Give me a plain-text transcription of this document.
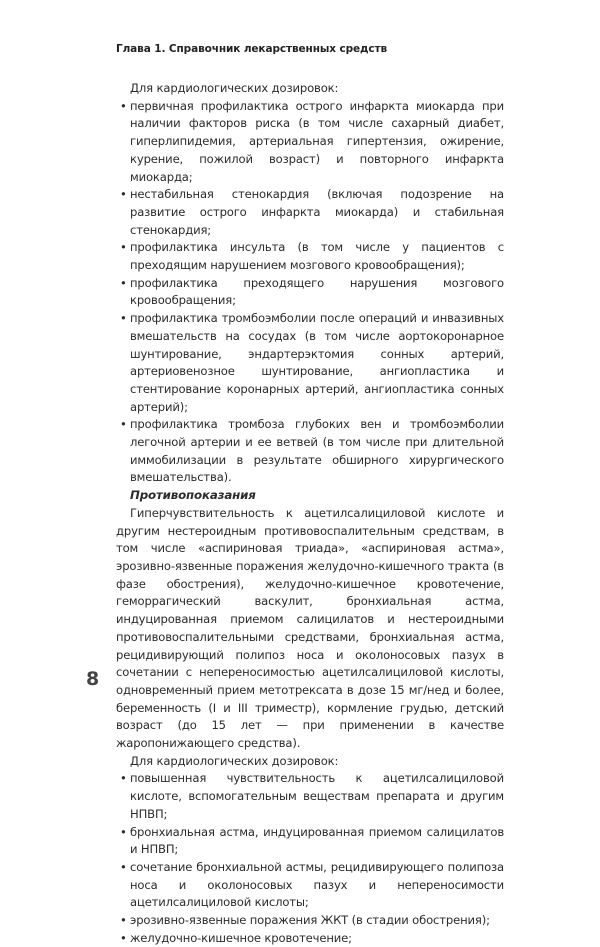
Глава 1. Справочник лекарственных средств

Для кардиологических дозировок:

• первичная профилактика острого инфаркта миокарда при наличии факторов риска (в том числе сахарный диабет, гиперлипидемия, артериальная гипертензия, ожирение, курение, пожилой возраст) и повторного инфаркта миокарда;
• нестабильная стенокардия (включая подозрение на развитие острого инфаркта миокарда) и стабильная стенокардия;
• профилактика инсульта (в том числе у пациентов с преходящим нарушением мозгового кровообращения);
• профилактика преходящего нарушения мозгового кровообращения;
• профилактика тромбоэмболии после операций и инвазивных вмешательств на сосудах (в том числе аортокоронарное шунтирование, эндартерэктомия сонных артерий, артериовенозное шунтирование, ангиопластика и стентирование коронарных артерий, ангиопластика сонных артерий);
• профилактика тромбоза глубоких вен и тромбоэмболии легочной артерии и ее ветвей (в том числе при длительной иммобилизации в результате обширного хирургического вмешательства).

Противопоказания

Гиперчувствительность к ацетилсалициловой кислоте и другим нестероидным противовоспалительным средствам, в том числе «аспириновая триада», «аспириновая астма», эрозивно-язвенные поражения желудочно-кишечного тракта (в фазе обострения), желудочно-кишечное кровотечение, геморрагический васкулит, бронхиальная астма, индуцированная приемом салицилатов и нестероидными противовоспалительными средствами, бронхиальная астма, рецидивирующий полипоз носа и околоносовых пазух в сочетании с непереносимостью ацетилсалициловой кислоты, одновременный прием метотрексата в дозе 15 мг/нед и более, беременность (I и III триместр), кормление грудью, детский возраст (до 15 лет — при применении в качестве жаропонижающего средства).

Для кардиологических дозировок:

• повышенная чувствительность к ацетилсалициловой кислоте, вспомогательным веществам препарата и другим НПВП;
• бронхиальная астма, индуцированная приемом салицилатов и НПВП;
• сочетание бронхиальной астмы, рецидивирующего полипоза носа и околоносовых пазух и непереносимости ацетилсалициловой кислоты;
• эрозивно-язвенные поражения ЖКТ (в стадии обострения);
• желудочно-кишечное кровотечение;
8
